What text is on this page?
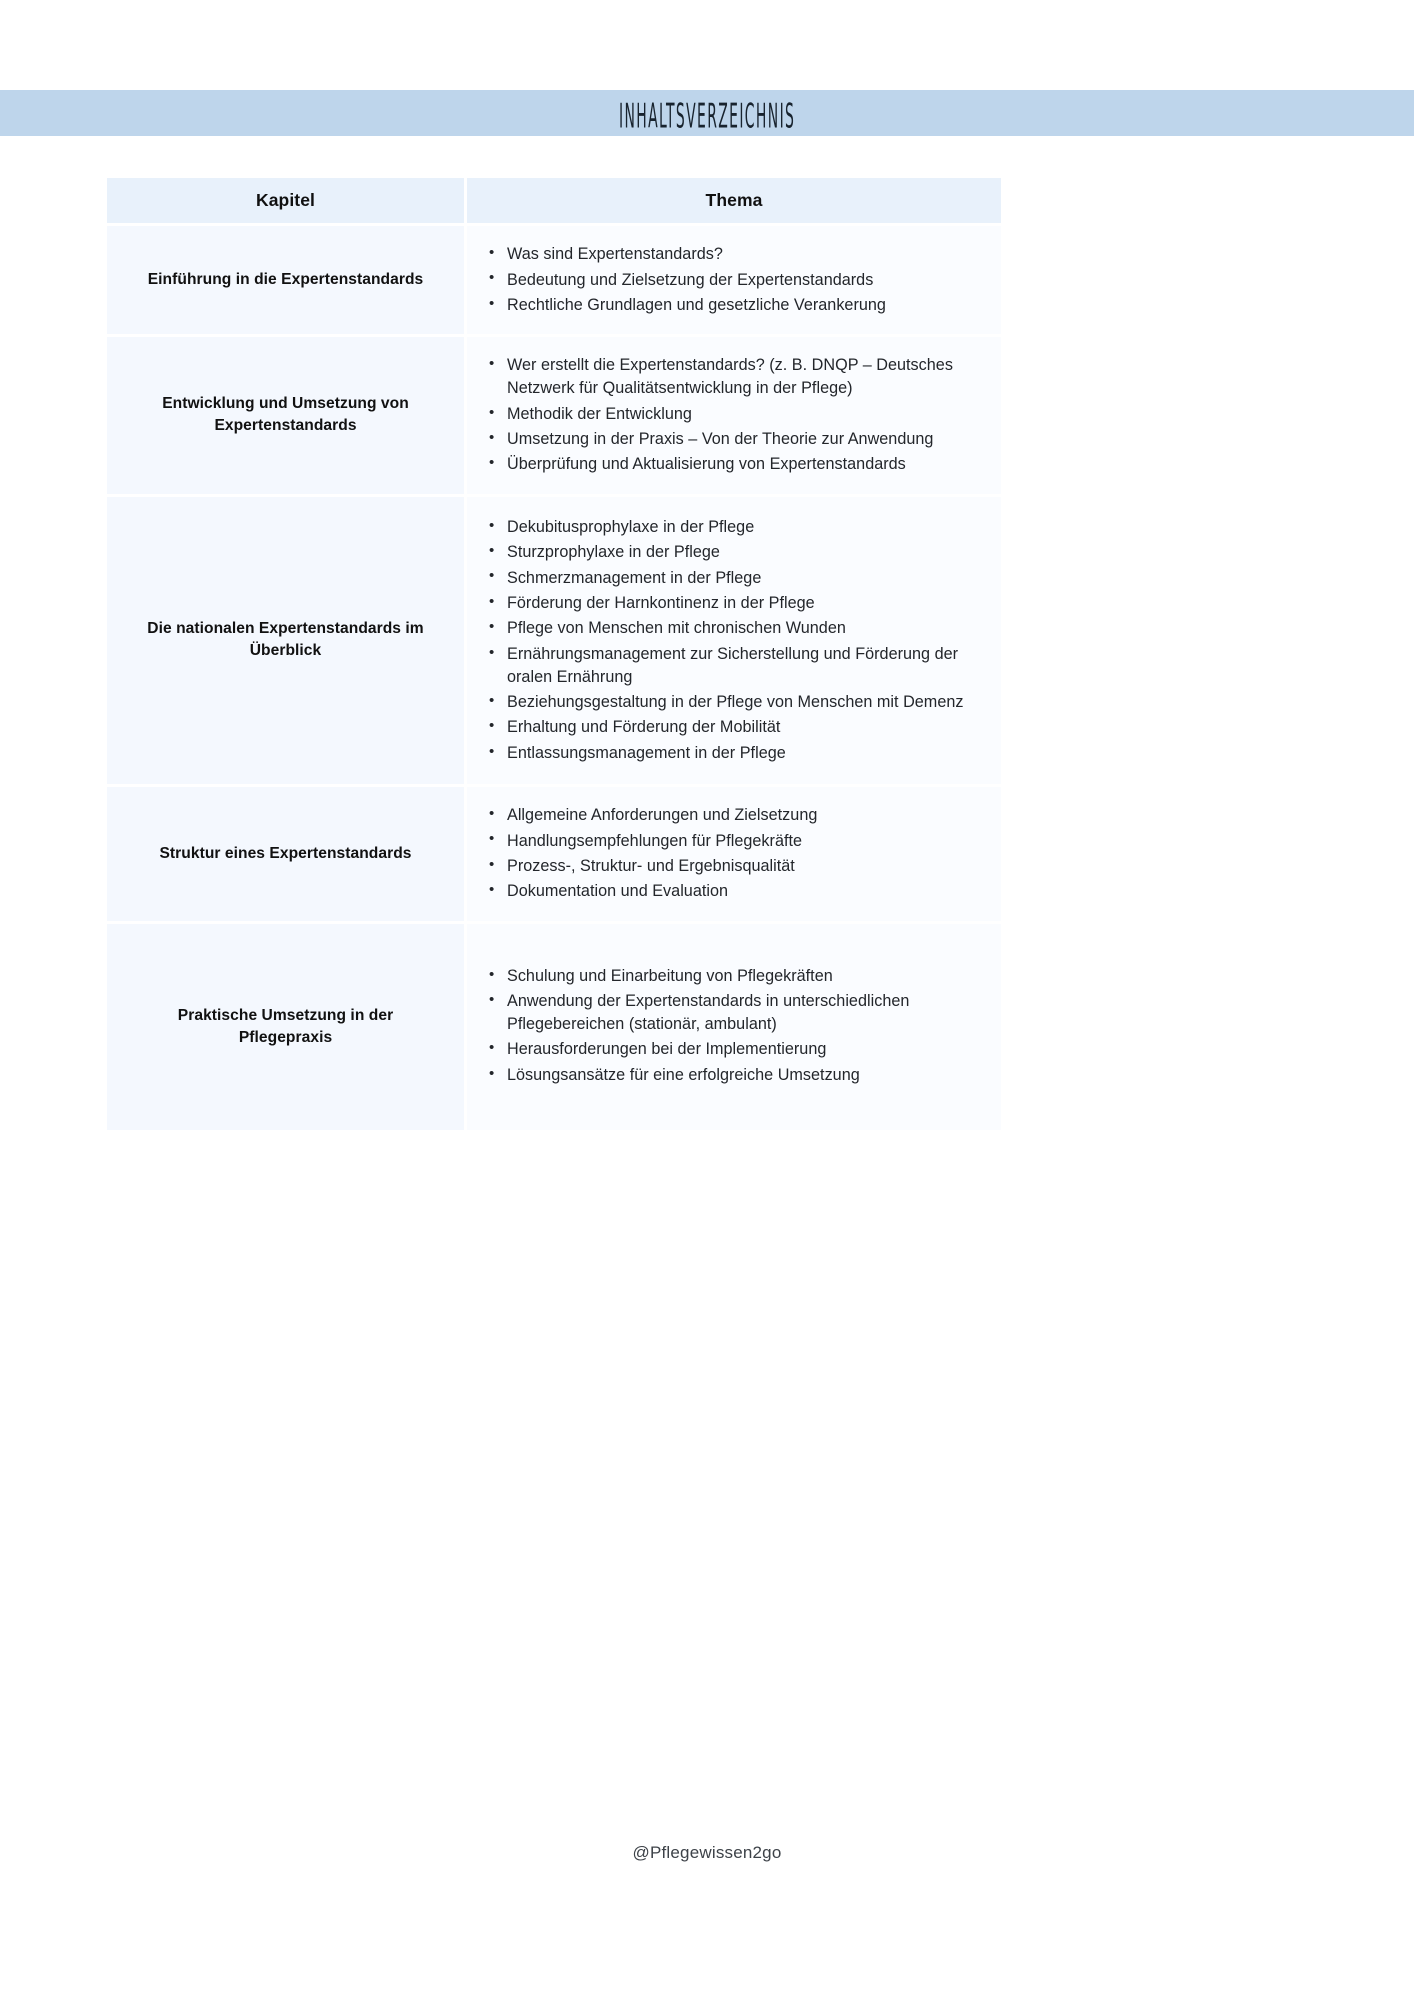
inhaltsverzeichnis
Kapitel	Thema
Einführung in die Expertenstandards	
• Was sind Expertenstandards?
• Bedeutung und Zielsetzung der Expertenstandards
• Rechtliche Grundlagen und gesetzliche Verankerung

Entwicklung und Umsetzung von Expertenstandards	
• Wer erstellt die Expertenstandards? (z. B. DNQP – Deutsches Netzwerk für Qualitätsentwicklung in der Pflege)
• Methodik der Entwicklung
• Umsetzung in der Praxis – Von der Theorie zur Anwendung
• Überprüfung und Aktualisierung von Expertenstandards

Die nationalen Expertenstandards im Überblick	
• Dekubitusprophylaxe in der Pflege
• Sturzprophylaxe in der Pflege
• Schmerzmanagement in der Pflege
• Förderung der Harnkontinenz in der Pflege
• Pflege von Menschen mit chronischen Wunden
• Ernährungsmanagement zur Sicherstellung und Förderung der oralen Ernährung
• Beziehungsgestaltung in der Pflege von Menschen mit Demenz
• Erhaltung und Förderung der Mobilität
• Entlassungsmanagement in der Pflege

Struktur eines Expertenstandards	
• Allgemeine Anforderungen und Zielsetzung
• Handlungsempfehlungen für Pflegekräfte
• Prozess-, Struktur- und Ergebnisqualität
• Dokumentation und Evaluation

Praktische Umsetzung in der Pflegepraxis	
• Schulung und Einarbeitung von Pflegekräften
• Anwendung der Expertenstandards in unterschiedlichen Pflegebereichen (stationär, ambulant)
• Herausforderungen bei der Implementierung
• Lösungsansätze für eine erfolgreiche Umsetzung
@Pflegewissen2go
